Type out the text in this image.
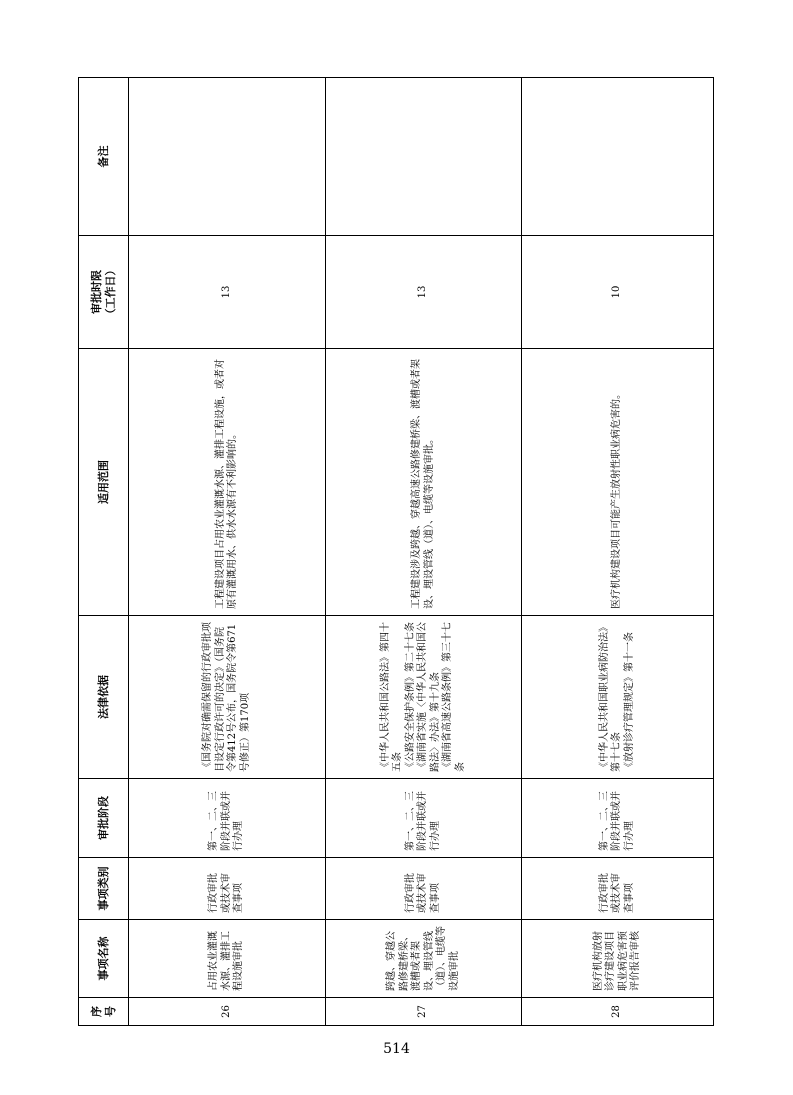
序号	事项名称	事项类别	审批阶段	法律依据	适用范围	审批时限
（工作日）	备注
26	占用农业灌溉水源、灌排工程设施审批	行政审批或技术审查事项	第一、二、三阶段并联或并行办理	《国务院对确需保留的行政审批项目设定行政许可的决定》（国务院令第412号公布，国务院令第671号修正）第170项	工程建设项目占用农业灌溉水源、灌排工程设施，或者对原有灌溉用水、供水水源有不利影响的。	13	
27	跨越、穿越公路修建桥梁、渡槽或者架设、埋设管线（道）、电缆等设施审批	行政审批或技术审查事项	第一、二、三阶段并联或并行办理	《中华人民共和国公路法》第四十五条
《公路安全保护条例》第二十七条
《湖南省实施〈中华人民共和国公路法〉办法》第十九条
《湖南省高速公路条例》第三十七条	工程建设涉及跨越、穿越高速公路修建桥梁、渡槽或者架设、埋设管线（道）、电缆等设施审批。	13	
28	医疗机构放射诊疗建设项目职业病危害预评价报告审核	行政审批或技术审查事项	第一、二、三阶段并联或并行办理	《中华人民共和国职业病防治法》第十七条
《放射诊疗管理规定》第十一条	医疗机构建设项目可能产生放射性职业病危害的。	10	
514
